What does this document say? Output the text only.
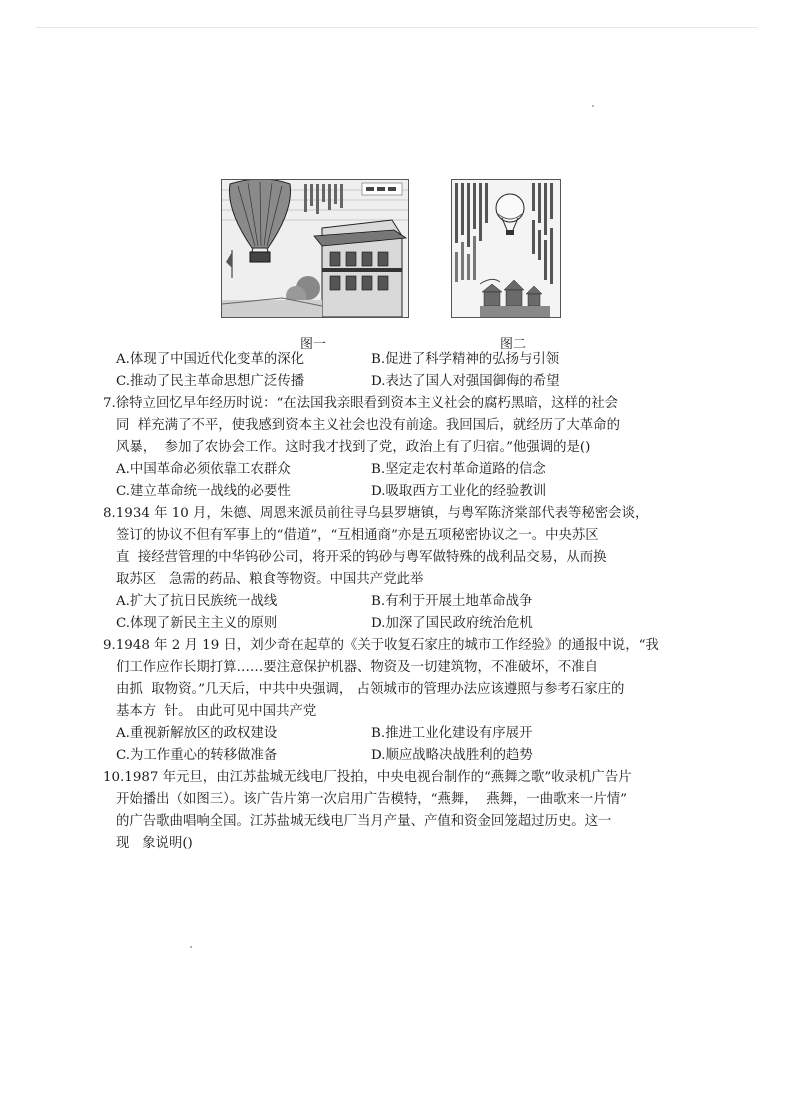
图一	图二
A.体现了中国近代化变革的深化	B.促进了科学精神的弘扬与引领
C.推动了民主革命思想广泛传播	D.表达了国人对强国御侮的希望
7.徐特立回忆早年经历时说：“在法国我亲眼看到资本主义社会的腐朽黑暗，这样的社会
同  样充满了不平，使我感到资本主义社会也没有前途。我回国后，就经历了大革命的
风暴，  参加了农协会工作。这时我才找到了党，政治上有了归宿。”他强调的是()
A.中国革命必须依靠工农群众	B.坚定走农村革命道路的信念
C.建立革命统一战线的必要性	D.吸取西方工业化的经验教训
8.1934 年 10 月，朱德、周恩来派员前往寻乌县罗塘镇，与粤军陈济棠部代表等秘密会谈，
签订的协议不但有军事上的“借道”，“互相通商”亦是五项秘密协议之一。中央苏区
直  接经营管理的中华钨砂公司，将开采的钨砂与粤军做特殊的战利品交易，从而换
取苏区   急需的药品、粮食等物资。中国共产党此举
A.扩大了抗日民族统一战线	B.有利于开展土地革命战争
C.体现了新民主主义的原则	D.加深了国民政府统治危机
9.1948 年 2 月 19 日，刘少奇在起草的《关于收复石家庄的城市工作经验》的通报中说，“我
们工作应作长期打算……要注意保护机器、物资及一切建筑物，不准破坏，不准自
由抓  取物资。”几天后，中共中央强调， 占领城市的管理办法应该遵照与参考石家庄的
基本方  针。 由此可见中国共产党
A.重视新解放区的政权建设	B.推进工业化建设有序展开
C.为工作重心的转移做准备	D.顺应战略决战胜利的趋势
10.1987 年元旦，由江苏盐城无线电厂投拍，中央电视台制作的“燕舞之歌”收录机广告片
开始播出（如图三）。该广告片第一次启用广告模特，“燕舞，  燕舞，一曲歌来一片情”
的广告歌曲唱响全国。江苏盐城无线电厂当月产量、产值和资金回笼超过历史。这一
现   象说明()
